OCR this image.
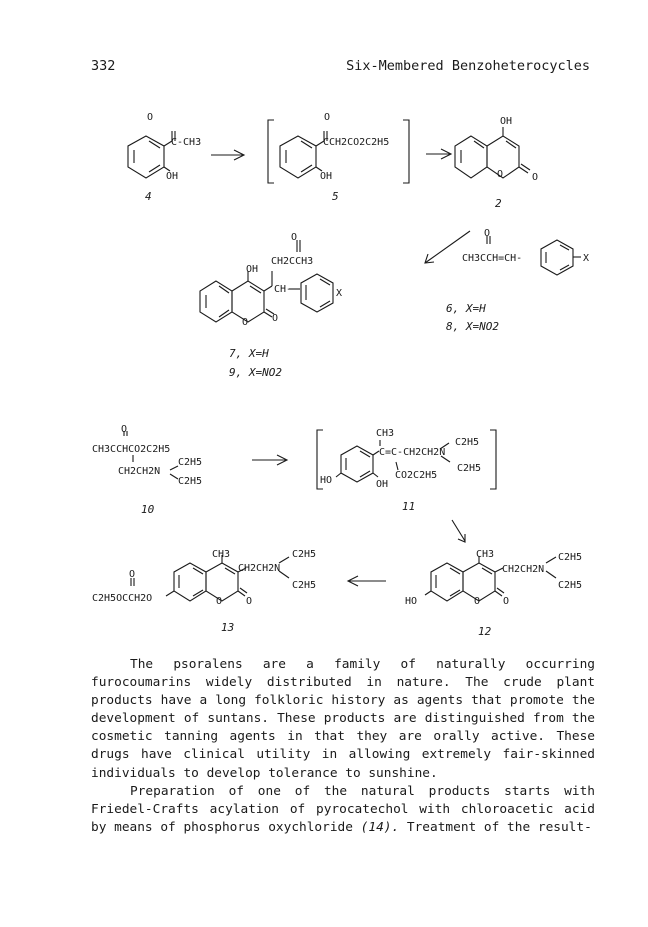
332	Six-Membered Benzoheterocycles
O
C-CH3
OH
4
O
CCH2CO2C2H5
OH
5
OH
O	O
2
O
CH2CCH3
OH
CH-	X
O O
7, X=H
9, X=NO2
O
CH3CCH=CH-	X
6, X=H
8, X=NO2
O
CH3CCHCO2C2H5
CH2CH2N
C2H5
C2H5
10
CH3
C=C-CH2CH2N
C2H5
CO2C2H5
C2H5
HO	OH
11
CH3
CH2CH2N
C2H5
C2H5
HO	O O
12
CH3
CH2CH2N
C2H5
C2H5
O
C2H5OCCH2O	O O
13

The psoralens are a family of naturally occurring furocoumarins widely distributed in nature. The crude plant products have a long folkloric history as agents that promote the development of suntans. These products are distinguished from the cosmetic tanning agents in that they are orally active. These drugs have clinical utility in allowing extremely fair-skinned individuals to develop tolerance to sunshine.

Preparation of one of the natural products starts with Friedel-Crafts acylation of pyrocatechol with chloroacetic acid by means of phosphorus oxychloride (14). Treatment of the result-
